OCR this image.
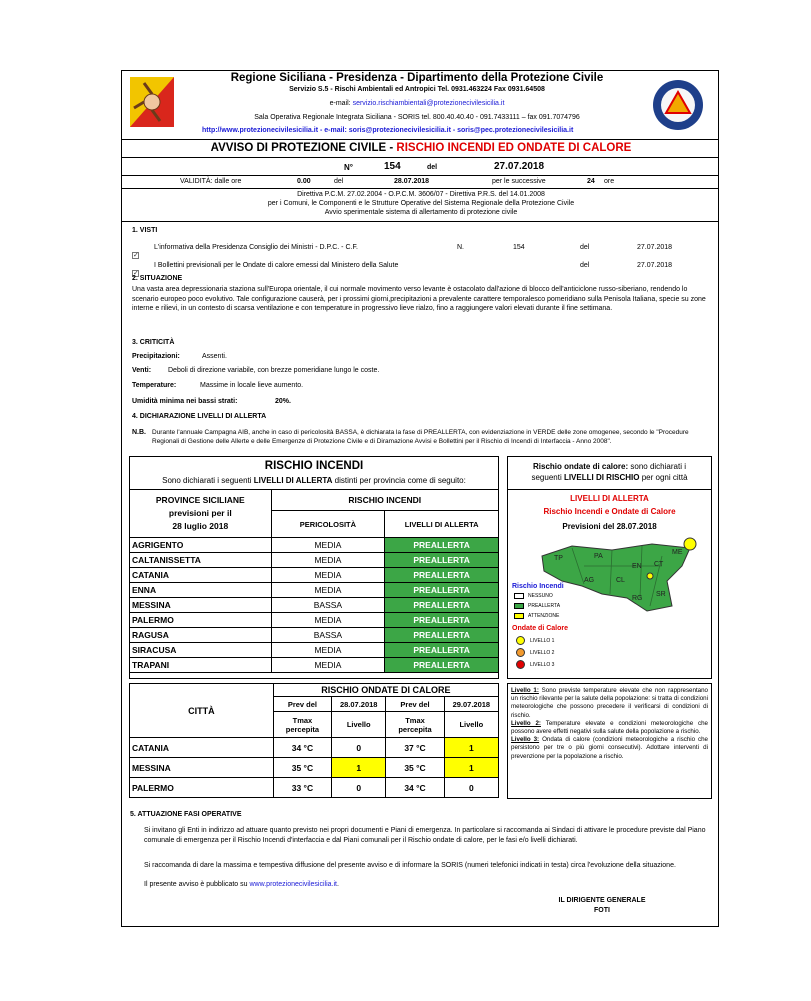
Regione Siciliana - Presidenza - Dipartimento della Protezione Civile
Servizio S.5 - Rischi Ambientali ed Antropici Tel. 0931.463224 Fax 0931.64508
e-mail: servizio.rischiambientali@protezionecivilesicilia.it
Sala Operativa Regionale Integrata Siciliana - SORIS tel. 800.40.40.40 - 091.7433111 – fax 091.7074796
http://www.protezionecivilesicilia.it - e-mail: soris@protezionecivilesicilia.it - soris@pec.protezionecivilesicilia.it
AVVISO DI PROTEZIONE CIVILE - RISCHIO INCENDI ED ONDATE DI CALORE
N°	154	del	27.07.2018
VALIDITÀ: dalle ore	0.00	del	28.07.2018	per le successive	24 ore
Direttiva P.C.M. 27.02.2004 - O.P.C.M. 3606/07 - Direttiva P.R.S. del 14.01.2008
per i Comuni, le Componenti e le Strutture Operative del Sistema Regionale della Protezione Civile
Avvio sperimentale sistema di allertamento di protezione civile
1. VISTI
✓
L'informativa della Presidenza Consiglio dei Ministri - D.P.C. - C.F.	N.	154	del	27.07.2018
✓
I Bollettini previsionali per le Ondate di calore emessi dal Ministero della Salute	del	27.07.2018
2. SITUAZIONE
Una vasta area depressionaria staziona sull'Europa orientale, il cui normale movimento verso levante è ostacolato dall'azione di blocco dell'anticiclone russo-siberiano, rendendo lo scenario europeo poco evolutivo. Tale configurazione causerà, per i prossimi giorni,precipitazioni a prevalente carattere temporalesco pomeridiano sulla Penisola Italiana, specie su zone interne e rilievi, in un contesto di scarsa ventilazione e con temperature in progressivo lieve rialzo, fino a raggiungere valori elevati durante il fine settimana.
3. CRITICITÀ
Precipitazioni:	Assenti.
Venti: Deboli di direzione variabile, con brezze pomeridiane lungo le coste.
Temperature:	Massime in locale lieve aumento.
Umidità minima nei bassi strati:	20%.
4. DICHIARAZIONE LIVELLI DI ALLERTA
N.B. Durante l'annuale Campagna AIB, anche in caso di pericolosità BASSA, è dichiarata la fase di PREALLERTA, con evidenziazione in VERDE delle zone omogenee, secondo le "Procedure Regionali di Gestione delle Allerte e delle Emergenze di Protezione Civile e di Diramazione Avvisi e Bollettini per il Rischio di Incendi di Interfaccia - Anno 2008".
RISCHIO INCENDI
Sono dichiarati i seguenti LIVELLI DI ALLERTA distinti per provincia come di seguito:
PROVINCE SICILIANE
previsioni per il
28 luglio 2018	RISCHIO INCENDI	
	PERICOLOSITÀ	LIVELLI DI ALLERTA
AGRIGENTO	MEDIA	PREALLERTA
CALTANISSETTA	MEDIA	PREALLERTA
CATANIA	MEDIA	PREALLERTA
ENNA	MEDIA	PREALLERTA
MESSINA	BASSA	PREALLERTA
PALERMO	MEDIA	PREALLERTA
RAGUSA	BASSA	PREALLERTA
SIRACUSA	MEDIA	PREALLERTA
TRAPANI	MEDIA	PREALLERTA
Rischio ondate di calore: sono dichiarati i
seguenti LIVELLI DI RISCHIO per ogni città
LIVELLI DI ALLERTA
Rischio Incendi e Ondate di Calore
Previsioni del 28.07.2018
TP	PA
ME
AG	CL
EN CT
SR
RG
Rischio Incendi
NESSUNO
PREALLERTA
ATTENZIONE
Ondate di Calore
LIVELLO 1
LIVELLO 2
LIVELLO 3
CITTÀ	RISCHIO ONDATE DI CALORE			
	Prev del	28.07.2018	Prev del	29.07.2018
	Tmax percepita	Livello	Tmax percepita	Livello
CATANIA	34 °C	0	37 °C	1
MESSINA	35 °C	1	35 °C	1
PALERMO	33 °C	0	34 °C	0
Livello 1: Sono previste temperature elevate che non rappresentano un rischio rilevante per la salute della popolazione: si tratta di condizioni meteorologiche che possono precedere il verificarsi di condizioni di rischio.
Livello 2: Temperature elevate e condizioni meteorologiche che possono avere effetti negativi sulla salute della popolazione a rischio.
Livello 3: Ondata di calore (condizioni meteorologiche a rischio che persistono per tre o più giorni consecutivi). Adottare interventi di prevenzione per la popolazione a rischio.
5. ATTUAZIONE FASI OPERATIVE
Si invitano gli Enti in indirizzo ad attuare quanto previsto nei propri documenti e Piani di emergenza. In particolare si raccomanda ai Sindaci di attivare le procedure previste dal Piano comunale di emergenza per il Rischio Incendi d'interfaccia e dal Piani comunali per il Rischio ondate di calore, per le fasi e/o livelli dichiarati.
Si raccomanda di dare la massima e tempestiva diffusione del presente avviso e di informare la SORIS (numeri telefonici indicati in testa) circa l'evoluzione della situazione.
Il presente avviso è pubblicato su www.protezionecivilesicilia.it.
IL DIRIGENTE GENERALE
FOTI
